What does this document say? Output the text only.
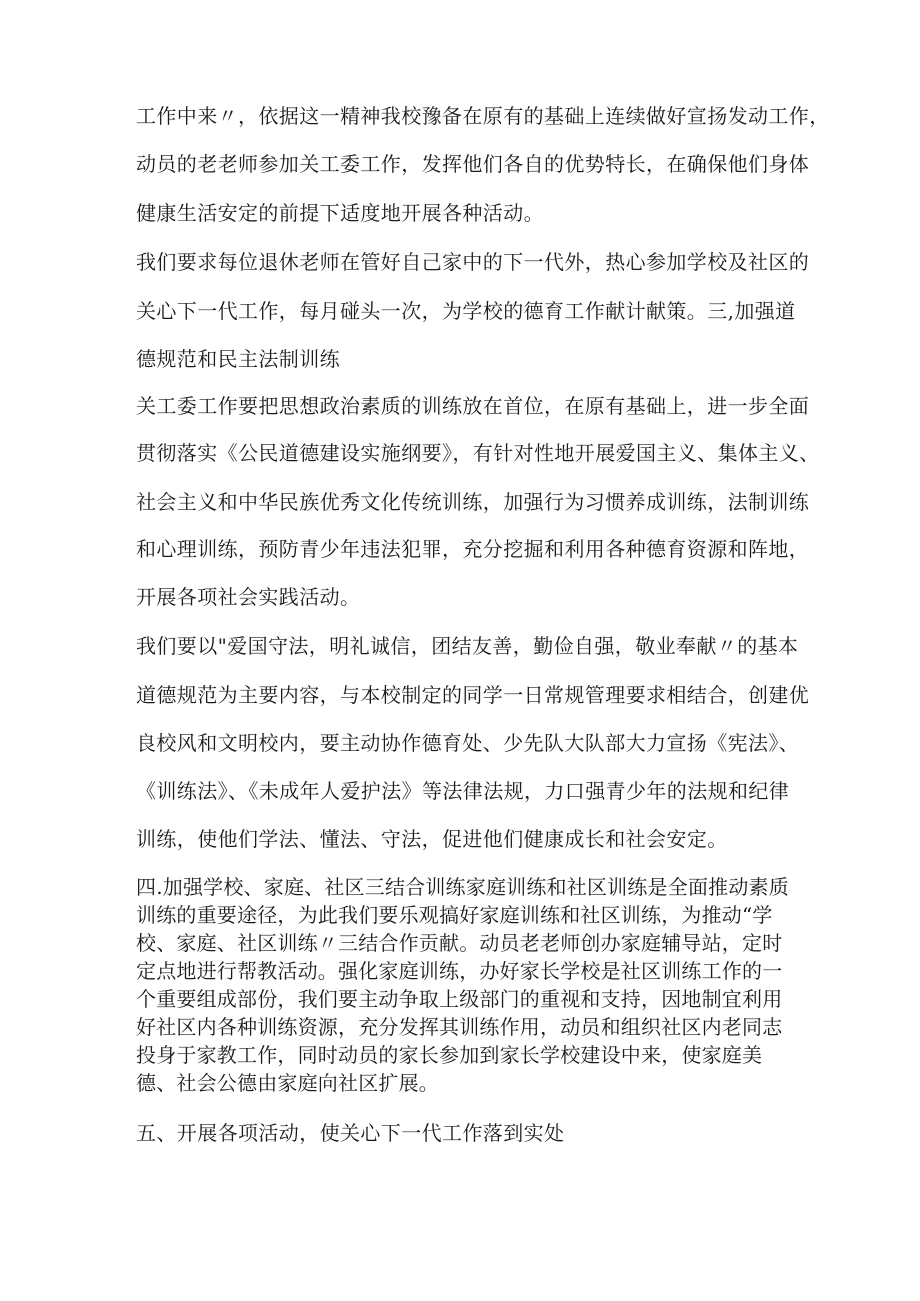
工作中来〃，依据这一精神我校豫备在原有的基础上连续做好宣扬发动工作，
动员的老老师参加关工委工作，发挥他们各自的优势特长，在确保他们身体
健康生活安定的前提下适度地开展各种活动。
我们要求每位退休老师在管好自己家中的下一代外，热心参加学校及社区的
关心下一代工作，每月碰头一次，为学校的德育工作献计献策。三,加强道
德规范和民主法制训练
关工委工作要把思想政治素质的训练放在首位，在原有基础上，进一步全面
贯彻落实《公民道德建设实施纲要》，有针对性地开展爱国主义、集体主义、
社会主义和中华民族优秀文化传统训练，加强行为习惯养成训练，法制训练
和心理训练，预防青少年违法犯罪，充分挖掘和利用各种德育资源和阵地，
开展各项社会实践活动。
我们要以"爱国守法，明礼诚信，团结友善，勤俭自强，敬业奉献〃的基本
道德规范为主要内容，与本校制定的同学一日常规管理要求相结合，创建优
良校风和文明校内，要主动协作德育处、少先队大队部大力宣扬《宪法》、
《训练法》、《未成年人爱护法》等法律法规，力口强青少年的法规和纪律
训练，使他们学法、懂法、守法，促进他们健康成长和社会安定。
四.加强学校、家庭、社区三结合训练家庭训练和社区训练是全面推动素质
训练的重要途径，为此我们要乐观搞好家庭训练和社区训练，为推动“学
校、家庭、社区训练〃三结合作贡献。动员老老师创办家庭辅导站，定时
定点地进行帮教活动。强化家庭训练，办好家长学校是社区训练工作的一
个重要组成部份，我们要主动争取上级部门的重视和支持，因地制宜利用
好社区内各种训练资源，充分发挥其训练作用，动员和组织社区内老同志
投身于家教工作，同时动员的家长参加到家长学校建设中来，使家庭美
德、社会公德由家庭向社区扩展。
五、开展各项活动，使关心下一代工作落到实处
